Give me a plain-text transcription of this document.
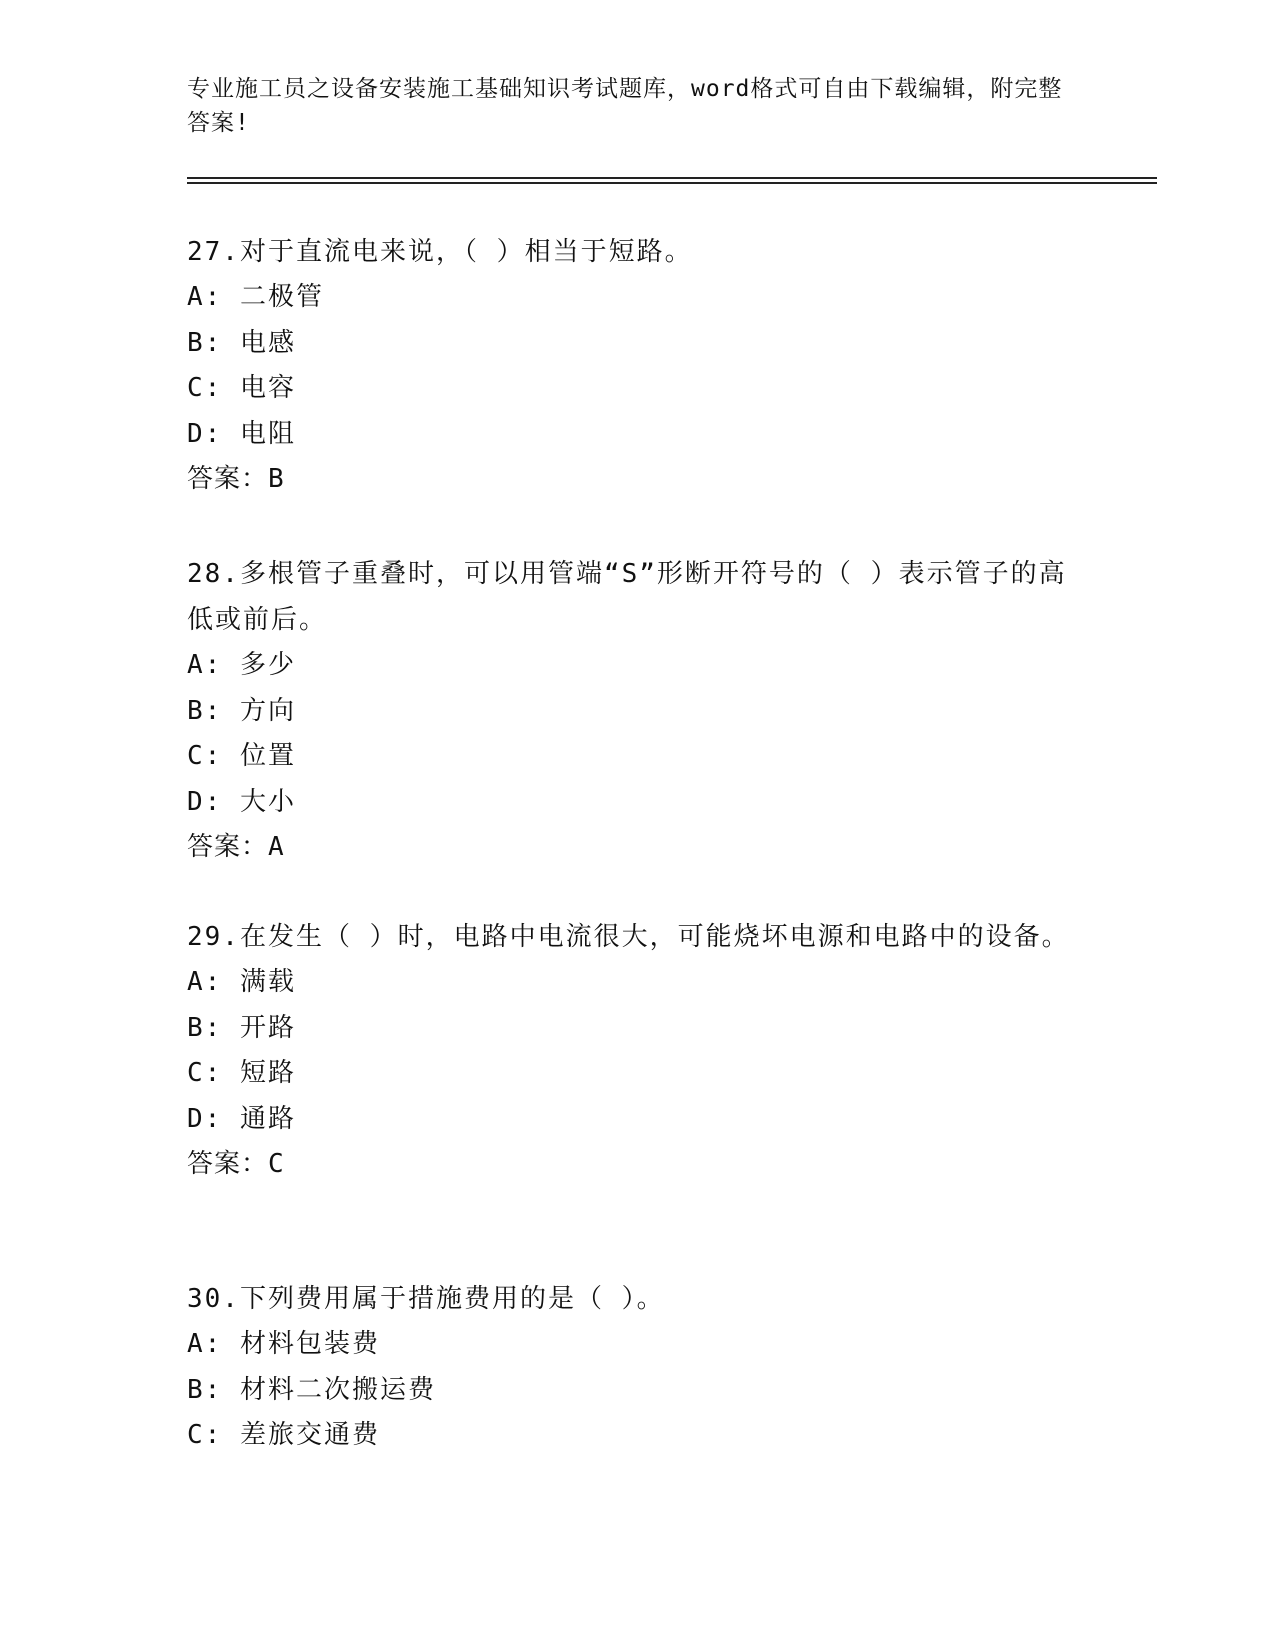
专业施工员之设备安装施工基础知识考试题库，word格式可自由下载编辑，附完整答案!
27.对于直流电来说，（ ）相当于短路。
A: 二极管
B: 电感
C: 电容
D: 电阻
答案：B
28.多根管子重叠时，可以用管端“S”形断开符号的（ ）表示管子的高低或前后。
A: 多少
B: 方向
C: 位置
D: 大小
答案：A
29.在发生（ ）时，电路中电流很大，可能烧坏电源和电路中的设备。
A: 满载
B: 开路
C: 短路
D: 通路
答案：C
30.下列费用属于措施费用的是（ ）。
A: 材料包装费
B: 材料二次搬运费
C: 差旅交通费
